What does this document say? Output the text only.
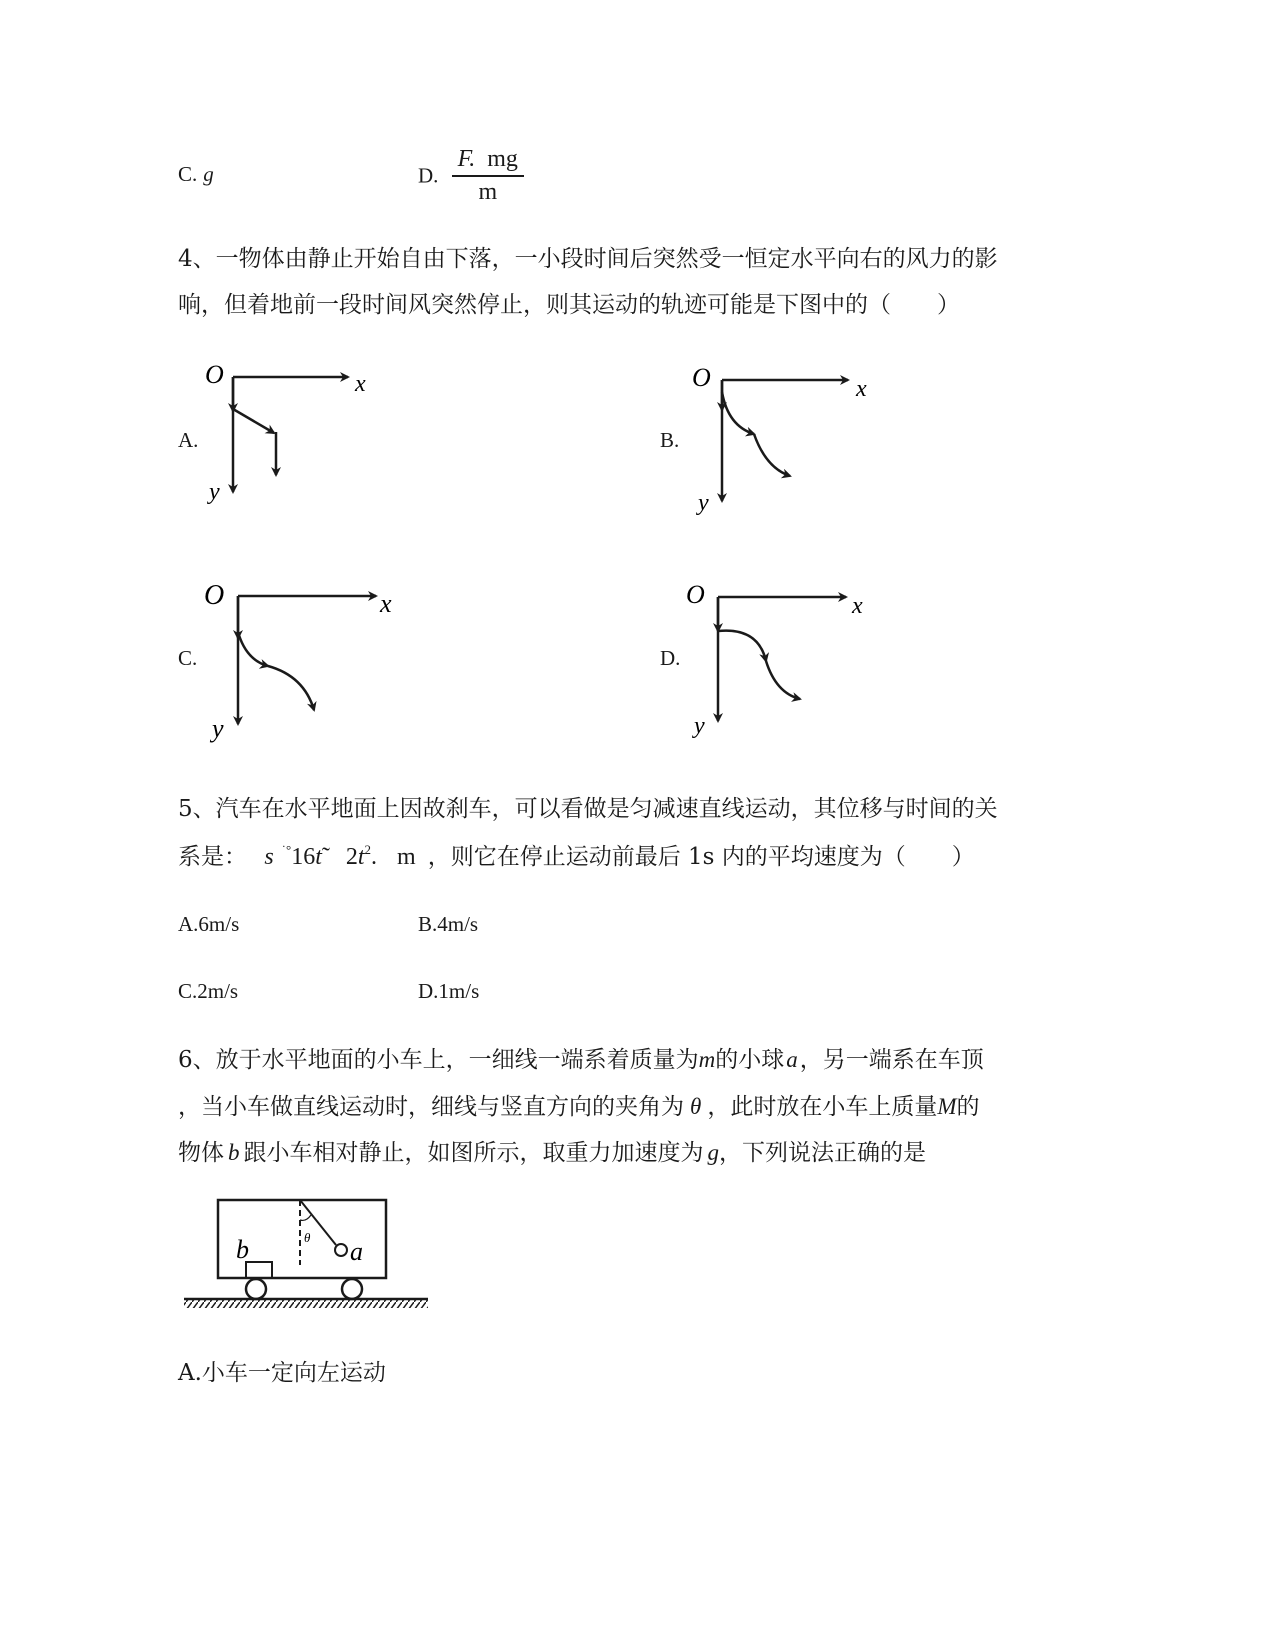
C. g	D. $\frac{F. mg}{m}$
4、一物体由静止开始自由下落，一小段时间后突然受一恒定水平向右的风力的影
响，但着地前一段时间风突然停止，则其运动的轨迹可能是下图中的（　　）
A.
O	x
y
B.
O	x
y
C.
O	x
y
D.
O	x
y
5、汽车在水平地面上因故刹车，可以看做是匀减速直线运动，其位移与时间的关
系是： s ˙°16t $2t^2$. m ，则它在停止运动前最后 1s 内的平均速度为（　　）
A.6m/s	B.4m/s
C.2m/s	D.1m/s
6、放于水平地面的小车上，一细线一端系着质量为m的小球a，另一端系在车顶
，当小车做直线运动时，细线与竖直方向的夹角为 θ ，此时放在小车上质量M的
物体 b 跟小车相对静止，如图所示，取重力加速度为 g，下列说法正确的是
θ
b	a
A.小车一定向左运动
